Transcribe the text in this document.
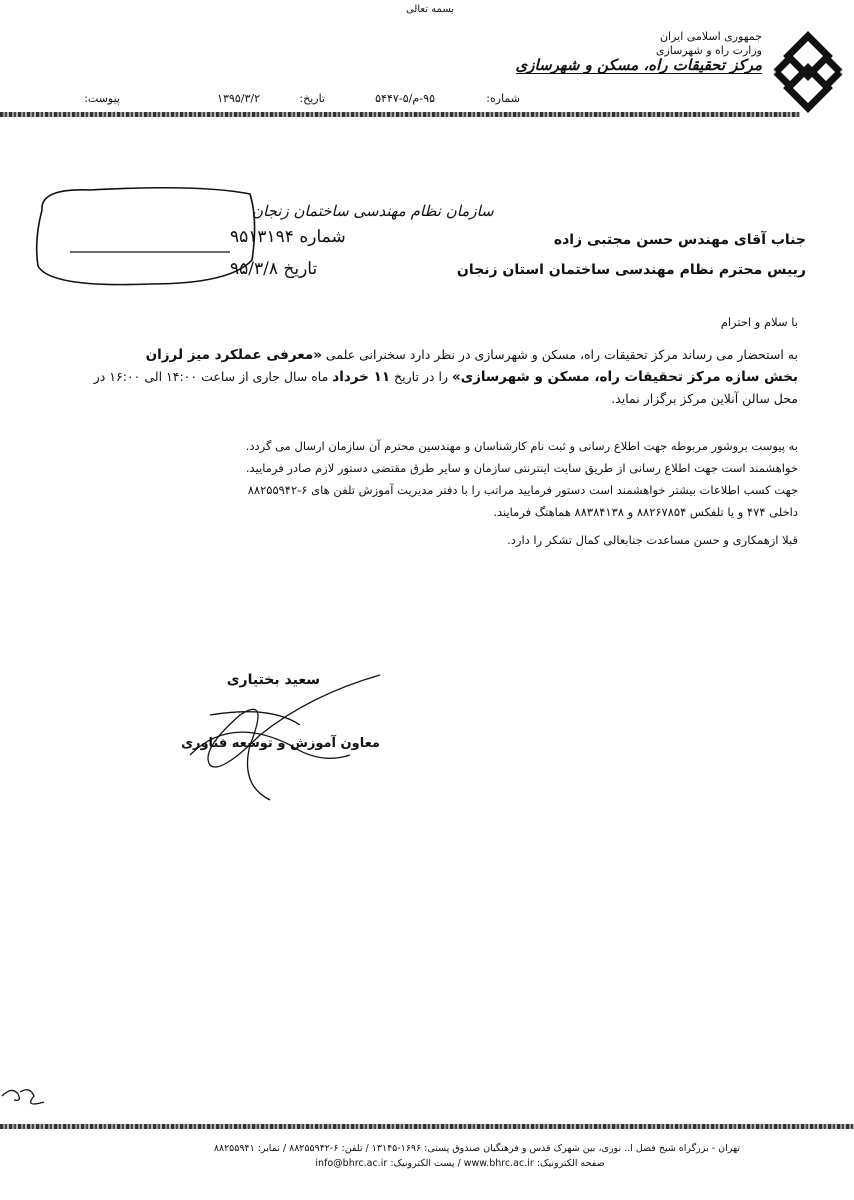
بسمه تعالی
جمهوری اسلامی ایران
وزارت راه و شهرسازی
مرکز تحقیقات راه، مسکن و شهرسازی
شماره:
۹۵-م/۵-۵۴۴۷
تاریخ:
۱۳۹۵/۳/۲
پیوست:
سازمان نظام مهندسی ساختمان زنجان
شماره ۹۵۱۳۱۹۴
تاریخ ۹۵/۳/۸
جناب آقای مهندس حسن مجتبی زاده
رییس محترم نظام مهندسی ساختمان استان زنجان
با سلام و احترام
به استحضار می رساند مرکز تحقیقات راه، مسکن و شهرسازی در نظر دارد سخنرانی علمی «معرفی عملکرد میز لرزان
بخش سازه مرکز تحقیقات راه، مسکن و شهرسازی» را در تاریخ ۱۱ خرداد ماه سال جاری از ساعت ۱۴:۰۰ الی ۱۶:۰۰ در
محل سالن آنلاین مرکز برگزار نماید.
به پیوست بروشور مربوطه جهت اطلاع رسانی و ثبت نام کارشناسان و مهندسین محترم آن سازمان ارسال می گردد.
خواهشمند است جهت اطلاع رسانی از طریق سایت اینترنتی سازمان و سایر طرق مقتضی دستور لازم صادر فرمایید.
جهت کسب اطلاعات بیشتر خواهشمند است دستور فرمایید مراتب را با دفتر مدیریت آموزش تلفن های ۶-۸۸۲۵۵۹۴۲
داخلی ۴۷۴ و یا تلفکس ۸۸۲۶۷۸۵۴ و ۸۸۳۸۴۱۳۸ هماهنگ فرمایند.
قبلا ازهمکاری و حسن مساعدت جنابعالی کمال تشکر را دارد.
سعید بختیاری
معاون آموزش و توسعه فناوری
تهران - بزرگراه شیخ فضل ا.. نوری، بین شهرک قدس و فرهنگیان صندوق پستی: ۱۶۹۶-۱۳۱۴۵ / تلفن: ۶-۸۸۲۵۵۹۴۲ / نمابر: ۸۸۲۵۵۹۴۱
صفحه الکترونیک: www.bhrc.ac.ir / پست الکترونیک: info@bhrc.ac.ir
